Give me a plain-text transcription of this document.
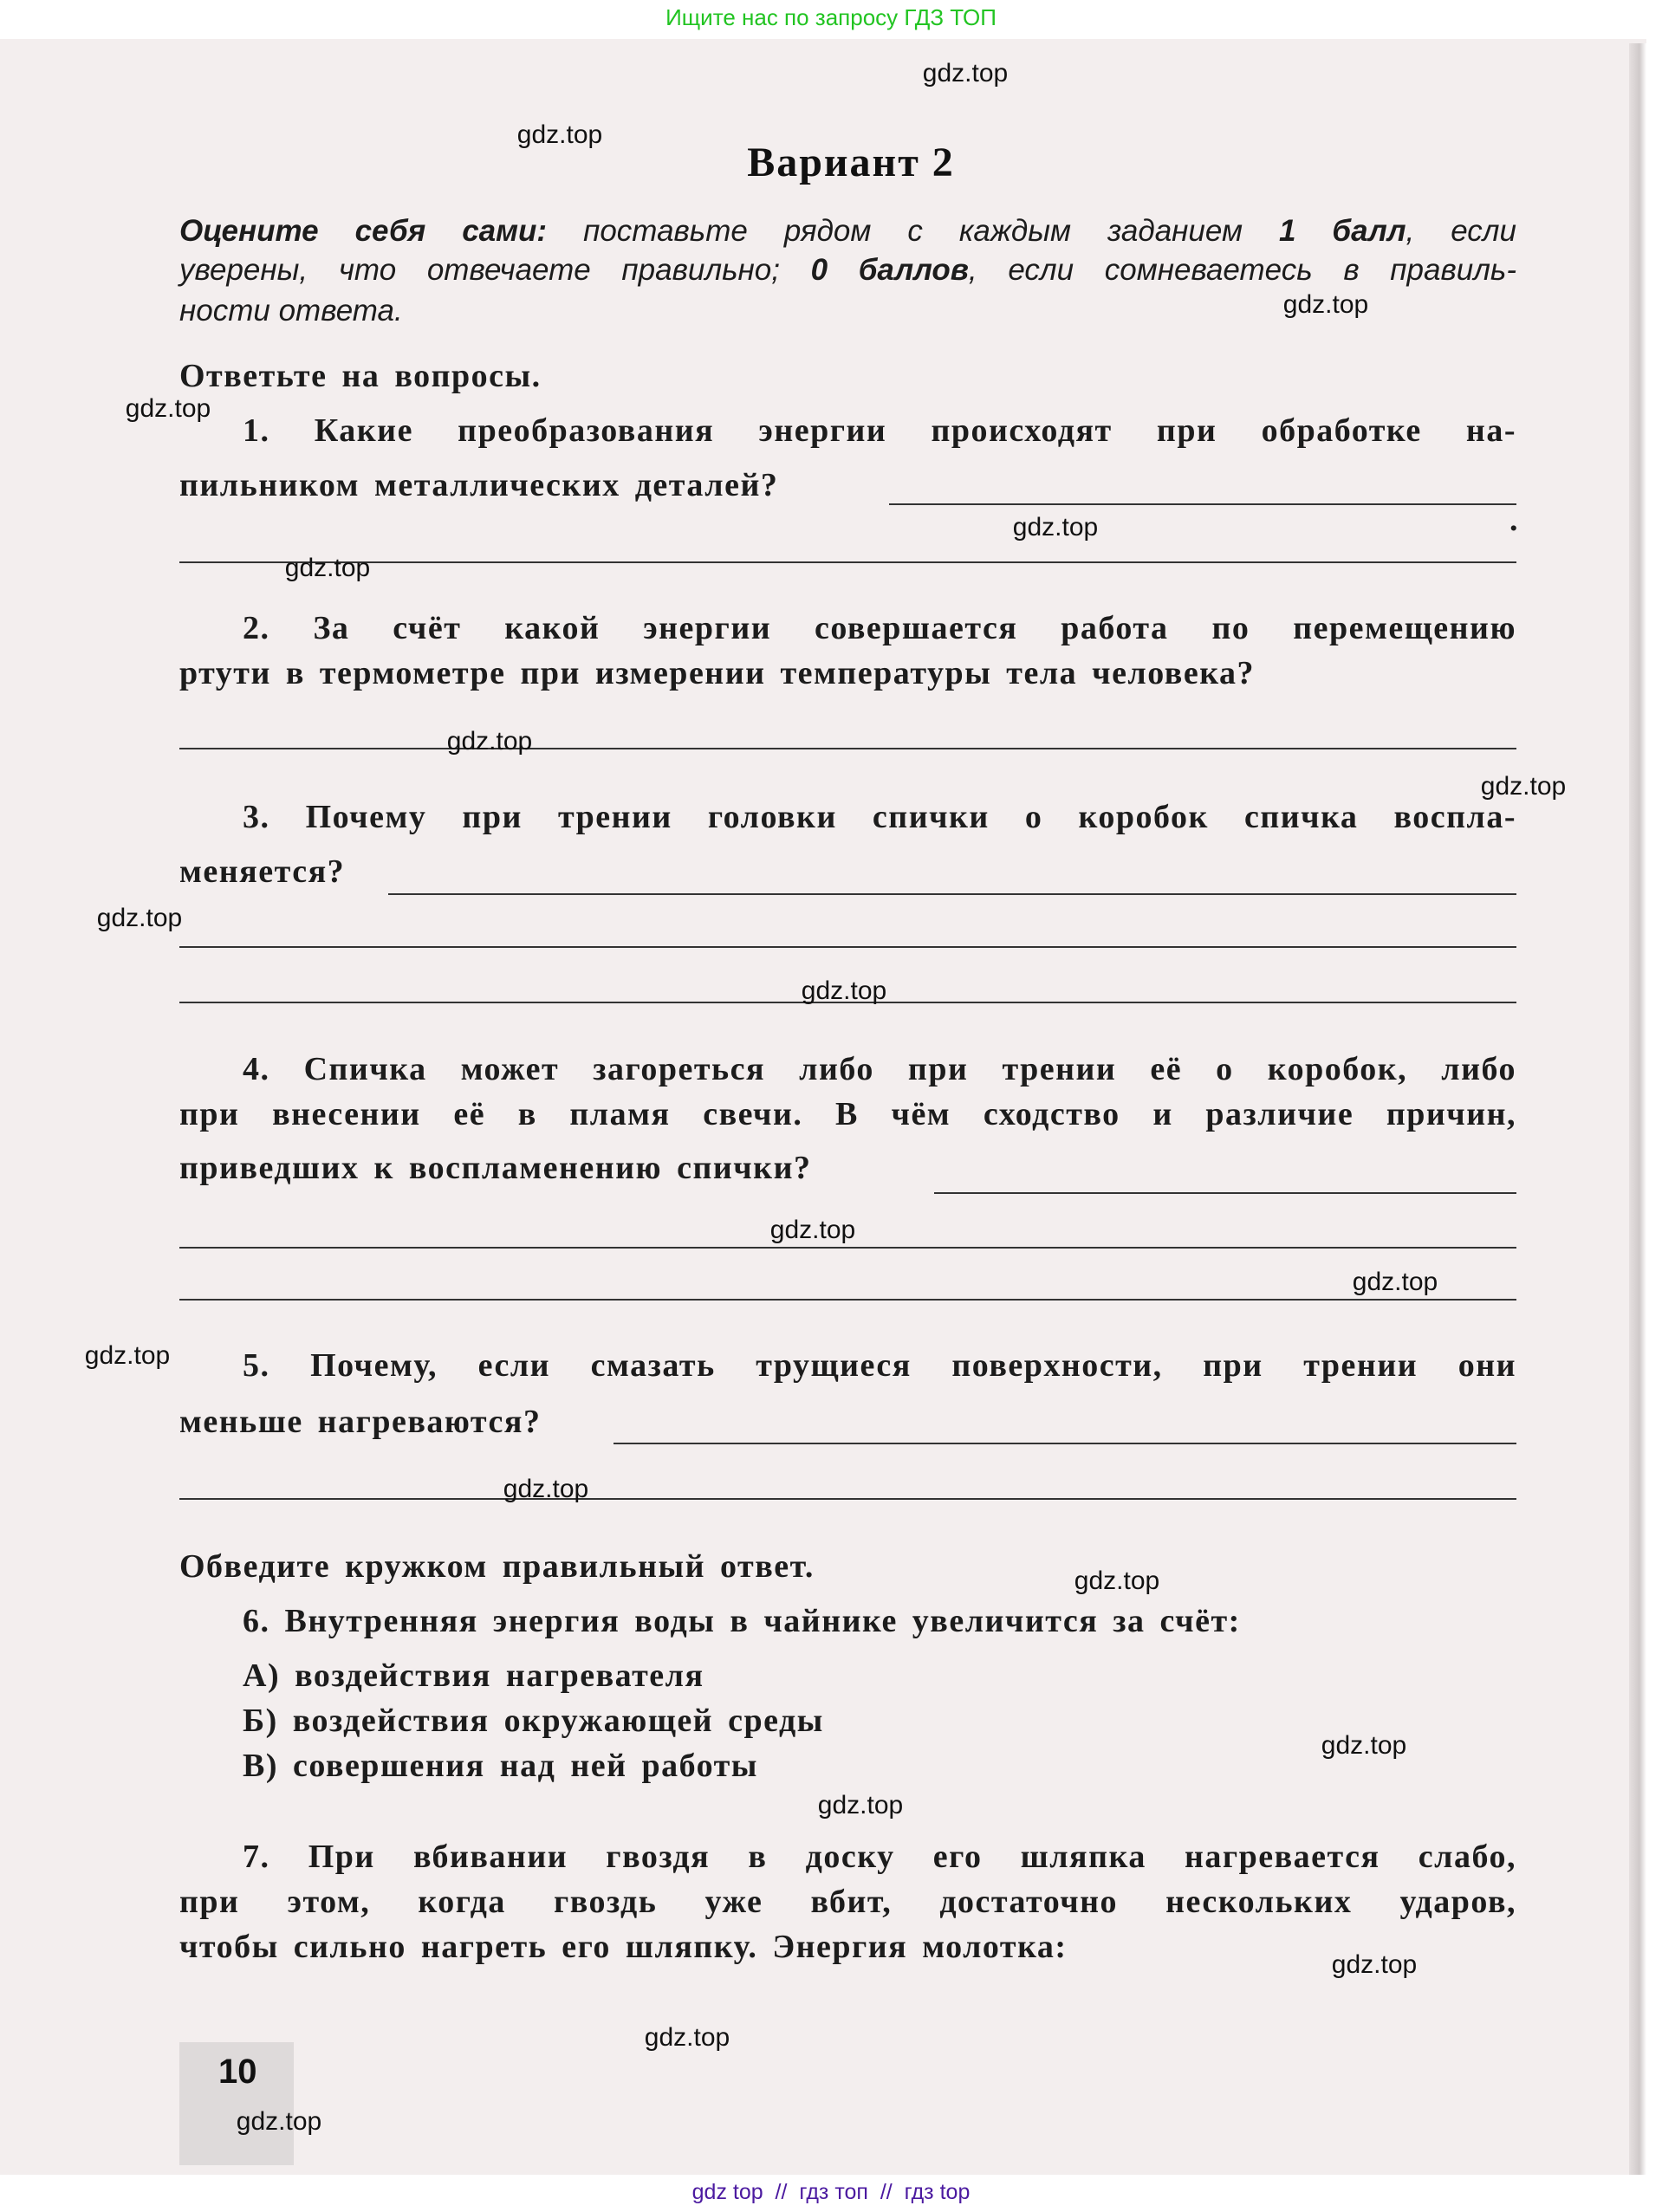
Ищите нас по запросу ГДЗ ТОП
Вариант 2
Оцените себя сами: поставьте рядом с каждым заданием 1 балл, если
уверены, что отвечаете правильно; 0 баллов, если сомневаетесь в правиль-
ности ответа.
Ответьте на вопросы.
1. Какие преобразования энергии происходят при обработке на-
пильником металлических деталей?
.
2. За счёт какой энергии совершается работа по перемещению
ртути в термометре при измерении температуры тела человека?
3. Почему при трении головки спички о коробок спичка воспла-
меняется?
4. Спичка может загореться либо при трении её о коробок, либо
при внесении её в пламя свечи. В чём сходство и различие причин,
приведших к воспламенению спички?
5. Почему, если смазать трущиеся поверхности, при трении они
меньше нагреваются?
Обведите кружком правильный ответ.
6. Внутренняя энергия воды в чайнике увеличится за счёт:
А) воздействия нагревателя
Б) воздействия окружающей среды
В) совершения над ней работы
7. При вбивании гвоздя в доску его шляпка нагревается слабо,
при этом, когда гвоздь уже вбит, достаточно нескольких ударов,
чтобы сильно нагреть его шляпку. Энергия молотка:
10
gdz.top
gdz.top
gdz.top
gdz.top
gdz.top
gdz.top
gdz.top
gdz.top
gdz.top
gdz.top
gdz.top
gdz.top
gdz.top
gdz.top
gdz.top
gdz.top
gdz.top
gdz.top
gdz.top
gdz.top
gdz top  //  гдз топ  //  гдз top
